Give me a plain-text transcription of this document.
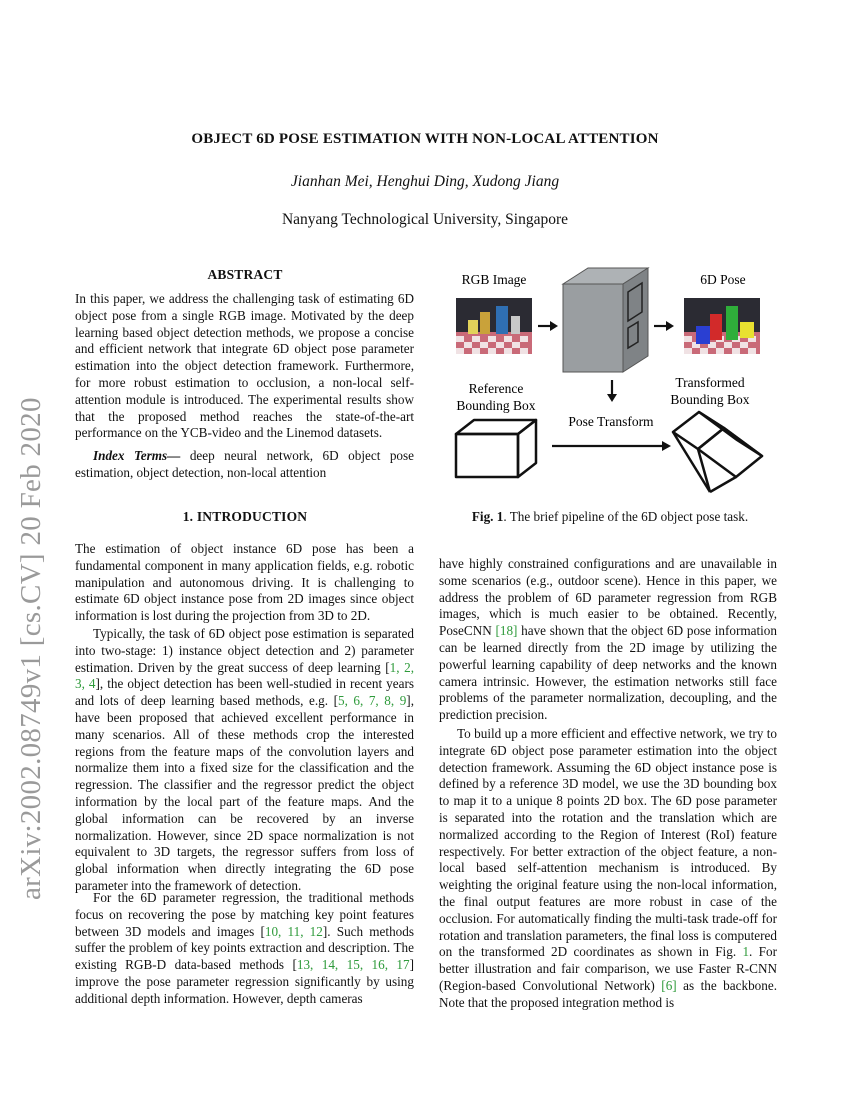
arXiv:2002.08749v1 [cs.CV] 20 Feb 2020
OBJECT 6D POSE ESTIMATION WITH NON-LOCAL ATTENTION
Jianhan Mei, Henghui Ding, Xudong Jiang
Nanyang Technological University, Singapore
ABSTRACT

In this paper, we address the challenging task of estimating 6D object pose from a single RGB image. Motivated by the deep learning based object detection methods, we propose a concise and efficient network that integrate 6D object pose parameter estimation into the object detection framework. Furthermore, for more robust estimation to occlusion, a non-local self-attention module is introduced. The experimental results show that the proposed method reaches the state-of-the-art performance on the YCB-video and the Linemod datasets.

Index Terms— deep neural network, 6D object pose estimation, object detection, non-local attention

1. INTRODUCTION

The estimation of object instance 6D pose has been a fundamental component in many application fields, e.g. robotic manipulation and autonomous driving. It is challenging to estimate 6D object instance pose from 2D images since object information is lost during the projection from 3D to 2D.

Typically, the task of 6D object pose estimation is separated into two-stage: 1) instance object detection and 2) parameter estimation. Driven by the great success of deep learning [1, 2, 3, 4], the object detection has been well-studied in recent years and lots of deep learning based methods, e.g. [5, 6, 7, 8, 9], have been proposed that achieved excellent performance in many scenarios. All of these methods crop the interested regions from the feature maps of the convolution layers and normalize them into a fixed size for the classification and the regression. The classifier and the regressor predict the object information by the local part of the feature maps. And the global information can be recovered by an inverse normalization. However, since 2D space normalization is not equivalent to 3D targets, the regressor suffers from loss of global information when directly integrating the 6D pose parameter into the framework of detection.

For the 6D parameter regression, the traditional methods focus on recovering the pose by matching key point features between 3D models and images [10, 11, 12]. Such methods suffer the problem of key points extraction and description. The existing RGB-D data-based methods [13, 14, 15, 16, 17] improve the pose parameter regression significantly by using additional depth information. However, depth cameras

RGB Image	6D Pose
Reference
Bounding Box
Transformed
Bounding Box
Pose Transform
Fig. 1. The brief pipeline of the 6D object pose task.

have highly constrained configurations and are unavailable in some scenarios (e.g., outdoor scene). Hence in this paper, we address the problem of 6D parameter regression from RGB images, which is much easier to be obtained. Recently, PoseCNN [18] have shown that the object 6D pose information can be learned directly from the 2D image by utilizing the powerful learning capability of deep networks and the known camera intrinsic. However, the estimation networks still face problems of the parameter normalization, decoupling, and the prediction precision.

To build up a more efficient and effective network, we try to integrate 6D object pose parameter estimation into the object detection framework. Assuming the 6D object instance pose is defined by a reference 3D model, we use the 3D bounding box to map it to a unique 8 points 2D box. The 6D pose parameter is separated into the rotation and the translation which are normalized according to the Region of Interest (RoI) feature respectively. For better extraction of the object feature, a non-local based self-attention mechanism is introduced. By weighting the original feature using the non-local information, the final output features are more robust in case of the occlusion. For automatically finding the multi-task trade-off for rotation and translation parameters, the final loss is computered on the transformed 2D coordinates as shown in Fig. 1. For better illustration and fair comparison, we use Faster R-CNN (Region-based Convolutional Network) [6] as the backbone. Note that the proposed integration method is
